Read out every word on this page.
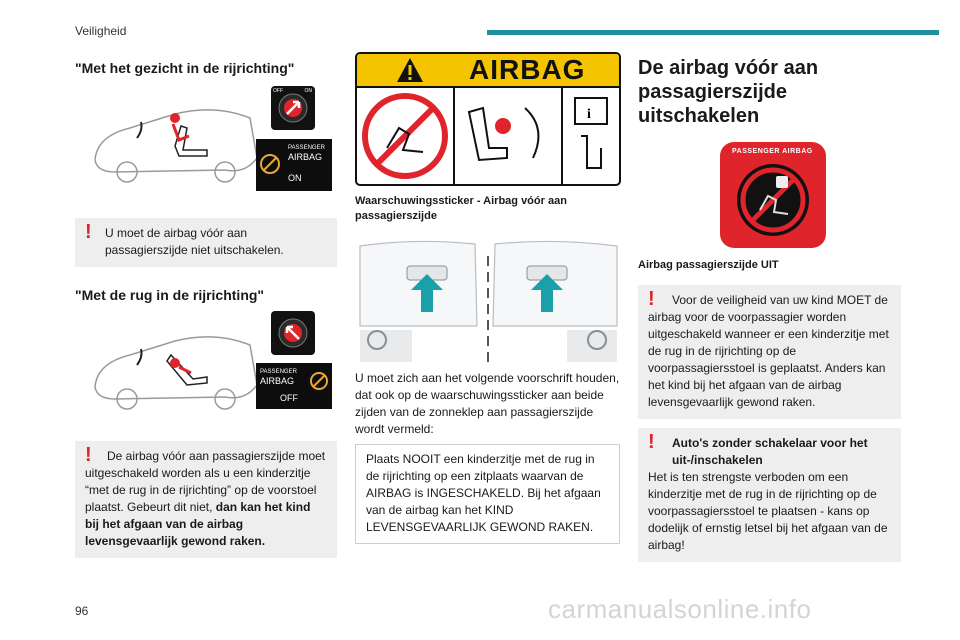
Veiligheid
"Met het gezicht in de rijrichting"
OFF	ON
PASSENGER
AIRBAG
ON
! U moet de airbag vóór aan passagierszijde niet uitschakelen.
"Met de rug in de rijrichting"
PASSENGER
AIRBAG
OFF
! De airbag vóór aan passagierszijde moet uitgeschakeld worden als u een kinderzitje “met de rug in de rijrichting” op de voorstoel plaatst. Gebeurt dit niet, dan kan het kind bij het afgaan van de airbag levensgevaarlijk gewond raken.
AIRBAG
i
Waarschuwingssticker - Airbag vóór aan passagierszijde
U moet zich aan het volgende voorschrift houden, dat ook op de waarschuwingssticker aan beide zijden van de zonneklep aan passagierszijde wordt vermeld:
Plaats NOOIT een kinderzitje met de rug in de rijrichting op een zitplaats waarvan de AIRBAG is INGESCHAKELD. Bij het afgaan van de airbag kan het KIND LEVENSGEVAARLIJK GEWOND RAKEN.
De airbag vóór aan passagierszijde uitschakelen
PASSENGER AIRBAG
Airbag passagierszijde UIT
! Voor de veiligheid van uw kind MOET de airbag voor de voorpassagier worden uitgeschakeld wanneer er een kinderzitje met de rug in de rijrichting op de voorpassagiersstoel is geplaatst. Anders kan het kind bij het afgaan van de airbag levensgevaarlijk gewond raken.
!	Auto's zonder schakelaar voor het uit-/inschakelen
Het is ten strengste verboden om een kinderzitje met de rug in de rijrichting op de voorpassagiersstoel te plaatsen - kans op dodelijk of ernstig letsel bij het afgaan van de airbag!
96	carmanualsonline.info
